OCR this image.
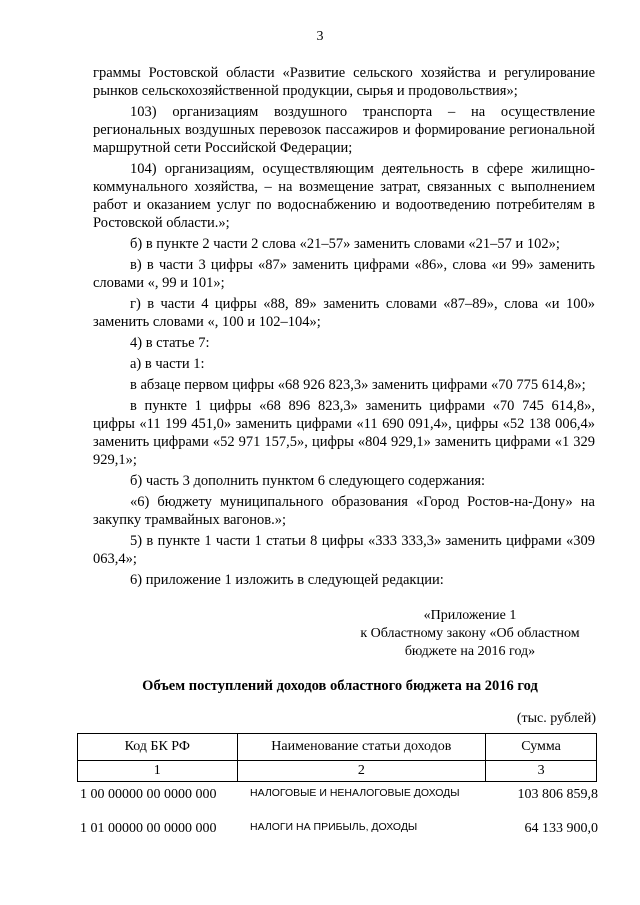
3

граммы Ростовской области «Развитие сельского хозяйства и регулирование рынков сельскохозяйственной продукции, сырья и продовольствия»;

103) организациям воздушного транспорта – на осуществление региональных воздушных перевозок пассажиров и формирование региональной маршрутной сети Российской Федерации;

104) организациям, осуществляющим деятельность в сфере жилищно-коммунального хозяйства, – на возмещение затрат, связанных с выполнением работ и оказанием услуг по водоснабжению и водоотведению потребителям в Ростовской области.»;

б) в пункте 2 части 2 слова «21–57» заменить словами «21–57 и 102»;

в) в части 3 цифры «87» заменить цифрами «86», слова «и 99» заменить словами «, 99 и 101»;

г) в части 4 цифры «88, 89» заменить словами «87–89», слова «и 100» заменить словами «, 100 и 102–104»;

4) в статье 7:

а) в части 1:

в абзаце первом цифры «68 926 823,3» заменить цифрами «70 775 614,8»;

в пункте 1 цифры «68 896 823,3» заменить цифрами «70 745 614,8», цифры «11 199 451,0» заменить цифрами «11 690 091,4», цифры «52 138 006,4» заменить цифрами «52 971 157,5», цифры «804 929,1» заменить цифрами «1 329 929,1»;

б) часть 3 дополнить пунктом 6 следующего содержания:

«6) бюджету муниципального образования «Город Ростов-на-Дону» на закупку трамвайных вагонов.»;

5) в пункте 1 части 1 статьи 8 цифры «333 333,3» заменить цифрами «309 063,4»;

6) приложение 1 изложить в следующей редакции:

«Приложение 1
к Областному закону «Об областном
бюджете на 2016 год»
Объем поступлений доходов областного бюджета на 2016 год
(тыс. рублей)
Код БК РФ	Наименование статьи доходов	Сумма
1	2	3
1 00 00000 00 0000 000	НАЛОГОВЫЕ И НЕНАЛОГОВЫЕ ДОХОДЫ	103 806 859,8
1 01 00000 00 0000 000	НАЛОГИ НА ПРИБЫЛЬ, ДОХОДЫ	64 133 900,0
